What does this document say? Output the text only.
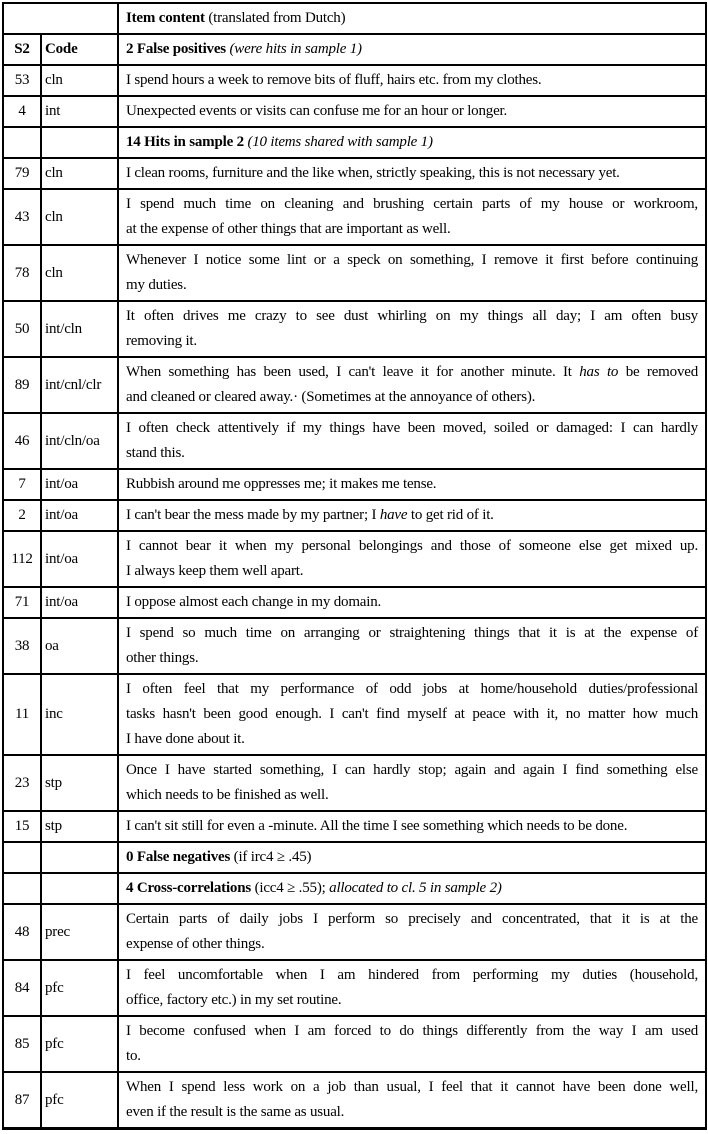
		Item content (translated from Dutch)

S2	Code	2 False positives (were hits in sample 1)

53	cln	I spend hours a week to remove bits of fluff, hairs etc. from my clothes.

4	int	Unexpected events or visits can confuse me for an hour or longer.

		14 Hits in sample 2 (10 items shared with sample 1)

79	cln	I clean rooms, furniture and the like when, strictly speaking, this is not necessary yet.

43	cln	I spend much time on cleaning and brushing certain parts of my house or workroom,
at the expense of other things that are important as well.

78	cln	Whenever I notice some lint or a speck on something, I remove it first before continuing
my duties.

50	int/cln	It often drives me crazy to see dust whirling on my things all day; I am often busy
removing it.

89	int/cnl/clr	When something has been used, I can't leave it for another minute. It has to be removed
and cleaned or cleared away.· (Sometimes at the annoyance of others).

46	int/cln/oa	I often check attentively if my things have been moved, soiled or damaged: I can hardly
stand this.

7	int/oa	Rubbish around me oppresses me; it makes me tense.

2	int/oa	I can't bear the mess made by my partner; I have to get rid of it.

112	int/oa	I cannot bear it when my personal belongings and those of someone else get mixed up.
I always keep them well apart.

71	int/oa	I oppose almost each change in my domain.

38	oa	I spend so much time on arranging or straightening things that it is at the expense of
other things.

11	inc	I often feel that my performance of odd jobs at home/household duties/professional
tasks hasn't been good enough. I can't find myself at peace with it, no matter how much
I have done about it.

23	stp	Once I have started something, I can hardly stop; again and again I find something else
which needs to be finished as well.

15	stp	I can't sit still for even a -minute. All the time I see something which needs to be done.

		0 False negatives (if irc4 ≥ .45)

		4 Cross-correlations (icc4 ≥ .55); allocated to cl. 5 in sample 2)

48	prec	Certain parts of daily jobs I perform so precisely and concentrated, that it is at the
expense of other things.

84	pfc	I feel uncomfortable when I am hindered from performing my duties (household,
office, factory etc.) in my set routine.

85	pfc	I become confused when I am forced to do things differently from the way I am used
to.

87	pfc	When I spend less work on a job than usual, I feel that it cannot have been done well,
even if the result is the same as usual.
